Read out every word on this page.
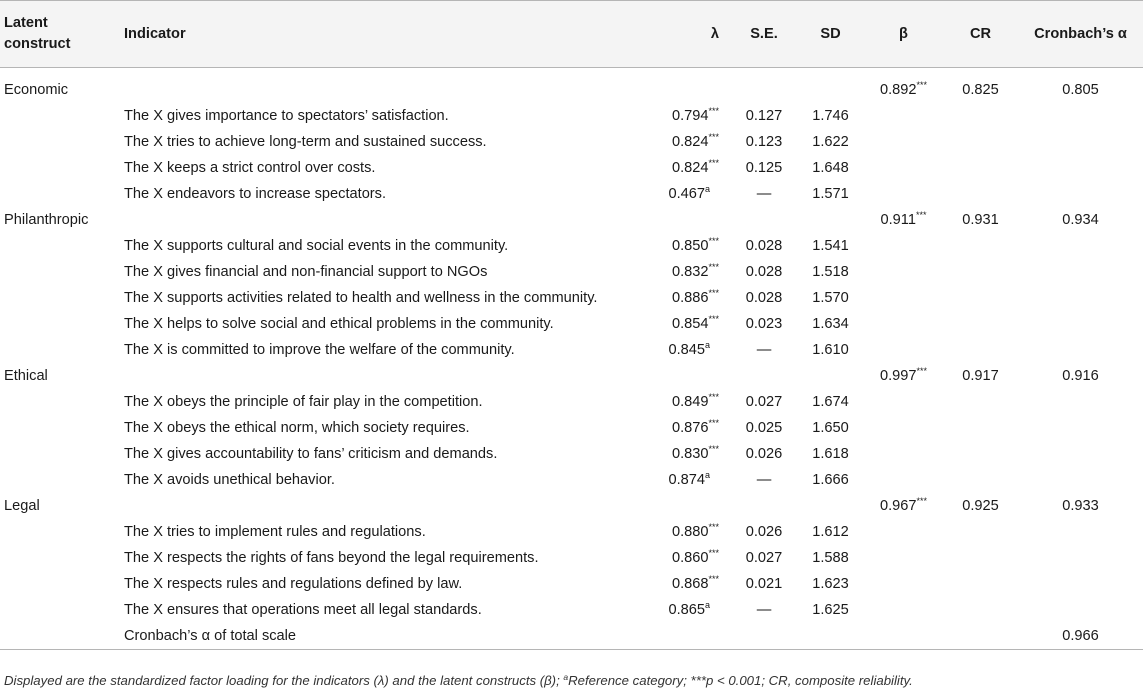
Latent
construct	Indicator	λ	S.E.	SD	β	CR	Cronbach’s α
Economic					0.892***	0.825	0.805
	The X gives importance to spectators’ satisfaction.	0.794***	0.127	1.746			
	The X tries to achieve long-term and sustained success.	0.824***	0.123	1.622			
	The X keeps a strict control over costs.	0.824***	0.125	1.648			
	The X endeavors to increase spectators.	0.467$^a$	—	1.571			
Philanthropic					0.911***	0.931	0.934
	The X supports cultural and social events in the community.	0.850***	0.028	1.541			
	The X gives financial and non-financial support to NGOs	0.832***	0.028	1.518			
	The X supports activities related to health and wellness in the community.	0.886***	0.028	1.570			
	The X helps to solve social and ethical problems in the community.	0.854***	0.023	1.634			
	The X is committed to improve the welfare of the community.	0.845$^a$	—	1.610			
Ethical					0.997***	0.917	0.916
	The X obeys the principle of fair play in the competition.	0.849***	0.027	1.674			
	The X obeys the ethical norm, which society requires.	0.876***	0.025	1.650			
	The X gives accountability to fans’ criticism and demands.	0.830***	0.026	1.618			
	The X avoids unethical behavior.	0.874$^a$	—	1.666			
Legal					0.967***	0.925	0.933
	The X tries to implement rules and regulations.	0.880***	0.026	1.612			
	The X respects the rights of fans beyond the legal requirements.	0.860***	0.027	1.588			
	The X respects rules and regulations defined by law.	0.868***	0.021	1.623			
	The X ensures that operations meet all legal standards.	0.865$^a$	—	1.625			
	Cronbach’s α of total scale						0.966
Displayed are the standardized factor loading for the indicators (λ) and the latent constructs (β); $^a$Reference category; ***p < 0.001; CR, composite reliability.
